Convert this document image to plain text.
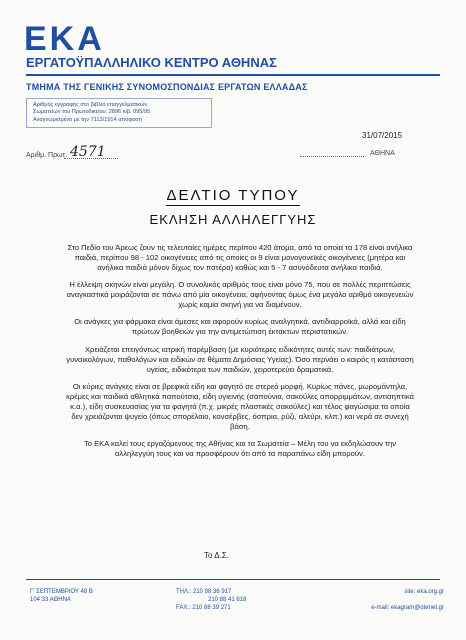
ΕΚΑ
ΕΡΓΑΤΟΫΠΑΛΛΗΛΙΚΟ ΚΕΝΤΡΟ ΑΘΗΝΑΣ
ΤΜΗΜΑ ΤΗΣ ΓΕΝΙΚΗΣ ΣΥΝΟΜΟΣΠΟΝΔΙΑΣ ΕΡΓΑΤΩΝ ΕΛΛΑΔΑΣ
Αριθμός εγγραφής στο βιβλίο επαγγελματικών
Σωματείων του Πρωτοδικείου: 2896 κιβ. 095/95
Αναγνωρισμένο με την 7113/1914 απόφαση
31/07/2015
Αριθμ. Πρωτ. 4571	ΑΘΗΝΑ
ΔΕΛΤΙΟ ΤΥΠΟΥ
ΕΚΛΗΣΗ ΑΛΛΗΛΕΓΓΥΗΣ

Στο Πεδίο του Άρεως ζουν τις τελευταίες ημέρες περίπου 420 άτομα, από τα οποία τα 178 είναι ανήλικα παιδιά, περίπου 98 - 102 οικογένειες από τις οποίες οι 9 είναι μονογονεϊκές οικογένειες (μητέρα και ανήλικα παιδιά μόνον δίχως τον πατέρα) καθώς και 5 - 7 ασυνόδευτα ανήλικα παιδιά.

Η έλλειψη σκηνών είναι μεγάλη. Ο συνολικός αριθμός τους είναι μόνο 75, που σε πολλές περιπτώσεις αναγκαστικά μοιράζονται σε πάνω από μία οικογένεια, αφήνοντας όμως ένα μεγάλο αριθμό οικογενειών χωρίς καμία σκηνή για να διαμένουν.

Οι ανάγκες για φάρμακα είναι άμεσες και αφορούν κυρίως αναλγητικά, αντιδιαρροϊκά, αλλά και είδη πρώτων βοηθειών για την αντιμετώπιση έκτακτων περιστατικών.

Χρειάζεται επειγόντως ιατρική παρέμβαση (με κυριότερες ειδικότητες αυτές των: παιδιάτρων, γυναικολόγων, παθολόγων και ειδικών σε θέματα Δημόσιας Υγείας). Όσο περνάει ο καιρός η κατάσταση υγείας, ειδικότερα των παιδιών, χειροτερεύει δραματικά.

Οι κύριες ανάγκες είναι σε βρεφικά είδη και φαγητό σε στερεό μορφή. Κυρίως πάνες, μωρομάντηλα, κρέμες και παιδικά αθλητικά παπούτσια, είδη υγιεινής (σαπούνια, σακούλες απορριμμάτων, αντισηπτικά κ.α.), είδη συσκευασίας για τα φαγητά (π.χ. μικρές πλαστικές σακούλες) και τέλος φαγώσιμα τα οποία δεν χρειάζονται ψυγείο (όπως σπορέλαιο, κονσέρβες, όσπρια, ρύζι, αλεύρι, κλπ.) και νερά σε συνεχή βάση.

Το ΕΚΑ καλεί τους εργαζόμενους της Αθήνας και τα Σωματεία – Μέλη του να εκδηλώσουν την αλληλεγγύη τους και να προσφέρουν ότι από τα παραπάνω είδη μπορούν.

Το Δ.Σ.
Γ' ΣΕΠΤΕΜΒΡΙΟΥ 48 Β
104 33 ΑΘΗΝΑ
ΤΗΛ.: 210 88 36 917
210 88 41 818
FAX.: 210 88 39 271
site: eka.org.gr
e-mail: ekagram@otenet.gr
